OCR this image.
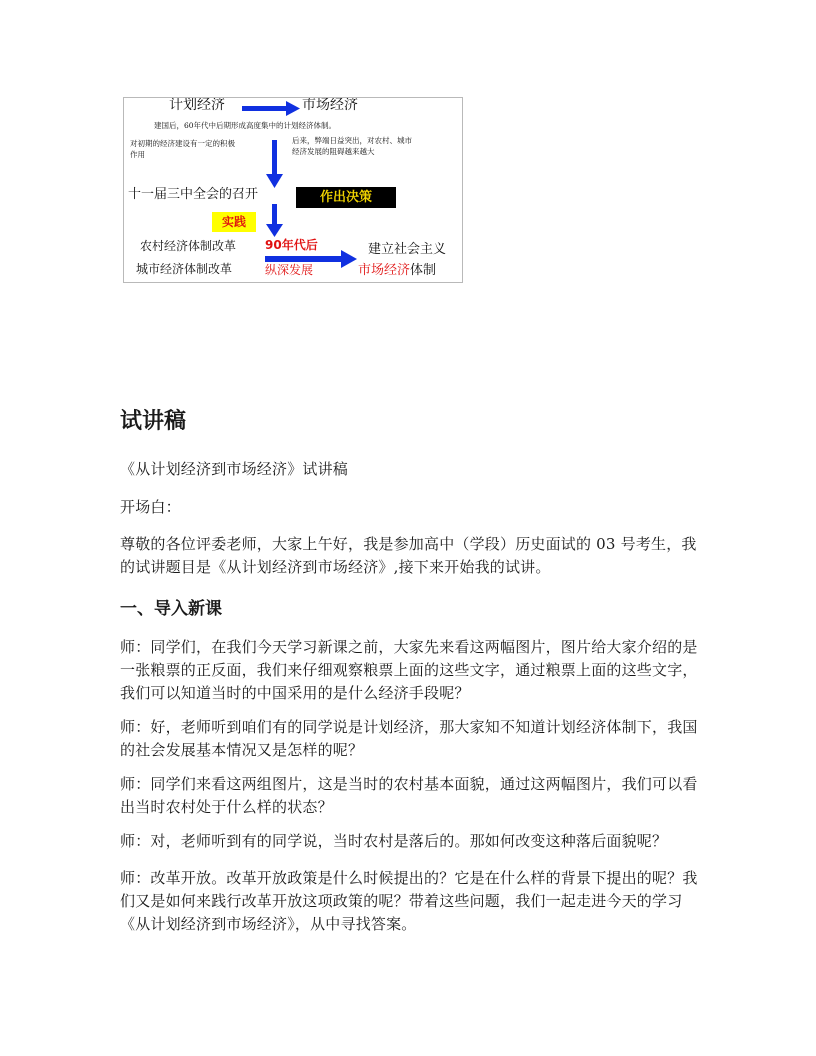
计划经济	市场经济
建国后，60年代中后期形成高度集中的计划经济体制。
对初期的经济建设有一定的积极作用
后来，弊端日益突出，对农村、城市经济发展的阻碍越来越大
十一届三中全会的召开	作出决策
实践
农村经济体制改革
城市经济体制改革
90年代后
纵深发展
建立社会主义
市场经济体制
试讲稿
《从计划经济到市场经济》试讲稿
开场白：
尊敬的各位评委老师，大家上午好，我是参加高中（学段）历史面试的 03 号考生，我的试讲题目是《从计划经济到市场经济》,接下来开始我的试讲。
一、导入新课
师：同学们，在我们今天学习新课之前，大家先来看这两幅图片，图片给大家介绍的是一张粮票的正反面，我们来仔细观察粮票上面的这些文字，通过粮票上面的这些文字，我们可以知道当时的中国采用的是什么经济手段呢？
师：好，老师听到咱们有的同学说是计划经济，那大家知不知道计划经济体制下，我国的社会发展基本情况又是怎样的呢？
师：同学们来看这两组图片，这是当时的农村基本面貌，通过这两幅图片，我们可以看出当时农村处于什么样的状态？
师：对，老师听到有的同学说，当时农村是落后的。那如何改变这种落后面貌呢？
师：改革开放。改革开放政策是什么时候提出的？它是在什么样的背景下提出的呢？我们又是如何来践行改革开放这项政策的呢？带着这些问题，我们一起走进今天的学习《从计划经济到市场经济》，从中寻找答案。
